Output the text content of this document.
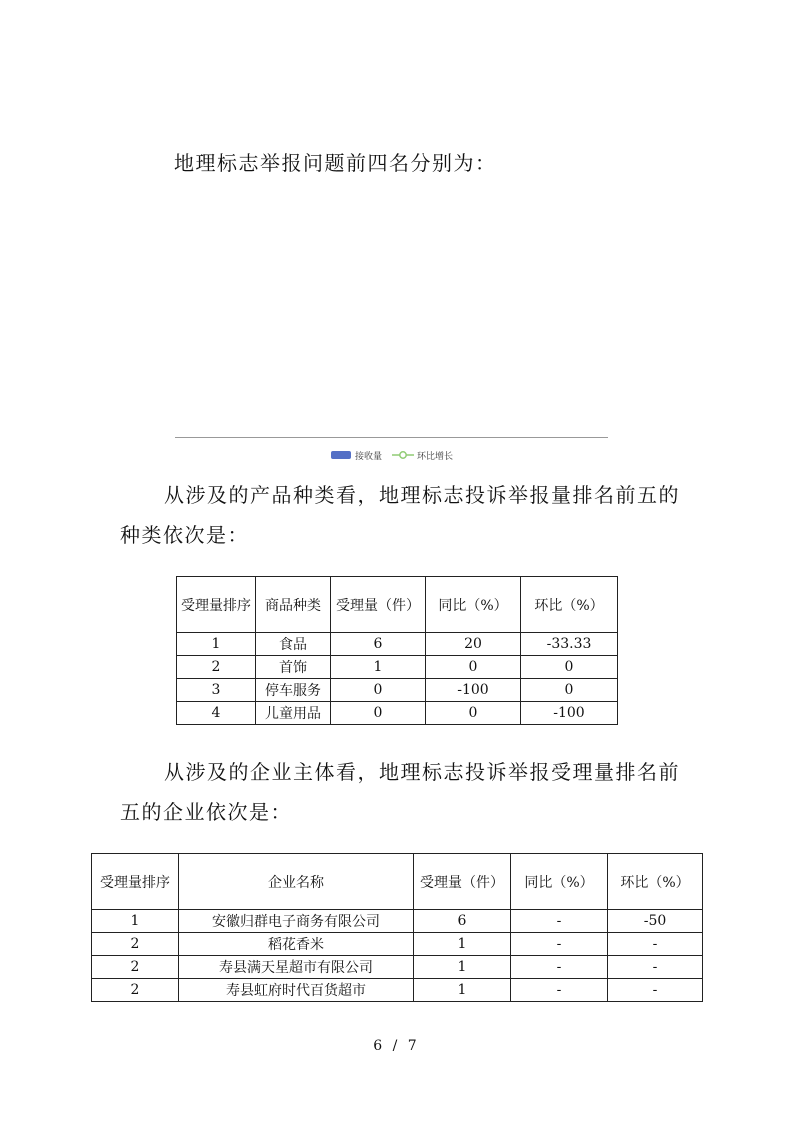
地理标志举报问题前四名分别为：

接收量	环比增长

从涉及的产品种类看，地理标志投诉举报量排名前五的种类依次是：

受理量排序	商品种类	受理量（件）	同比（%）	环比（%）
1	食品	6	20	-33.33
2	首饰	1	0	0
3	停车服务	0	-100	0
4	儿童用品	0	0	-100

从涉及的企业主体看，地理标志投诉举报受理量排名前五的企业依次是：

受理量排序	企业名称	受理量（件）	同比（%）	环比（%）
1	安徽归群电子商务有限公司	6	-	-50
2	稻花香米	1	-	-
2	寿县满天星超市有限公司	1	-	-
2	寿县虹府时代百货超市	1	-	-
6 / 7
